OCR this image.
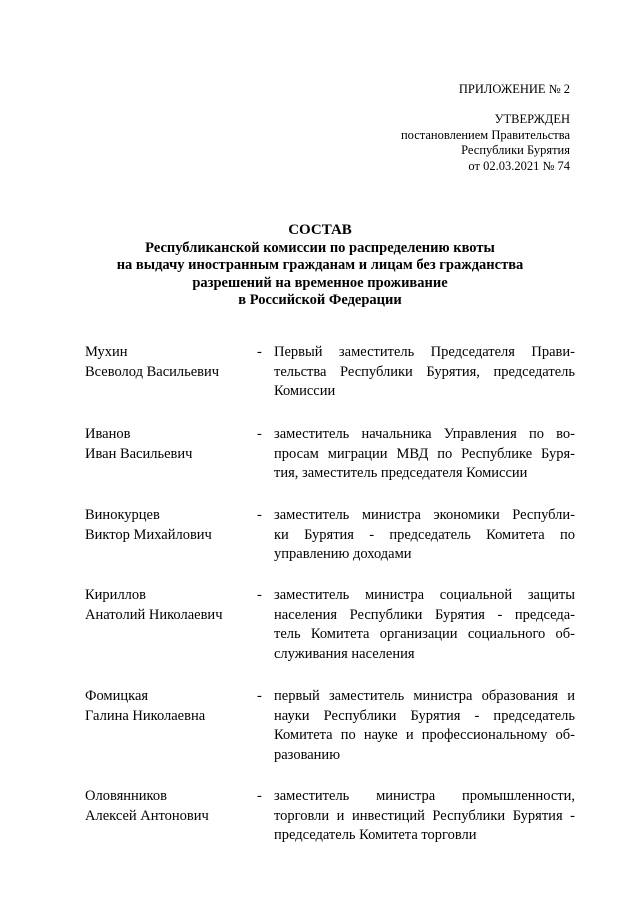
ПРИЛОЖЕНИЕ № 2
УТВЕРЖДЕН
постановлением Правительства
Республики Бурятия
от 02.03.2021 № 74
СОСТАВ
Республиканской комиссии по распределению квоты
на выдачу иностранным гражданам и лицам без гражданства
разрешений на временное проживание
в Российской Федерации
Мухин
Всеволод Васильевич
- Первый заместитель Председателя Прави-
тельства Республики Бурятия, председатель
Комиссии
Иванов
Иван Васильевич
- заместитель начальника Управления по во-
просам миграции МВД по Республике Буря-
тия, заместитель председателя Комиссии
Винокурцев
Виктор Михайлович
- заместитель министра экономики Республи-
ки Бурятия - председатель Комитета по
управлению доходами
Кириллов
Анатолий Николаевич
- заместитель министра социальной защиты
населения Республики Бурятия - председа-
тель Комитета организации социального об-
служивания населения
Фомицкая
Галина Николаевна
- первый заместитель министра образования и
науки Республики Бурятия - председатель
Комитета по науке и профессиональному об-
разованию
Оловянников
Алексей Антонович
- заместитель министра промышленности,
торговли и инвестиций Республики Бурятия -
председатель Комитета торговли
